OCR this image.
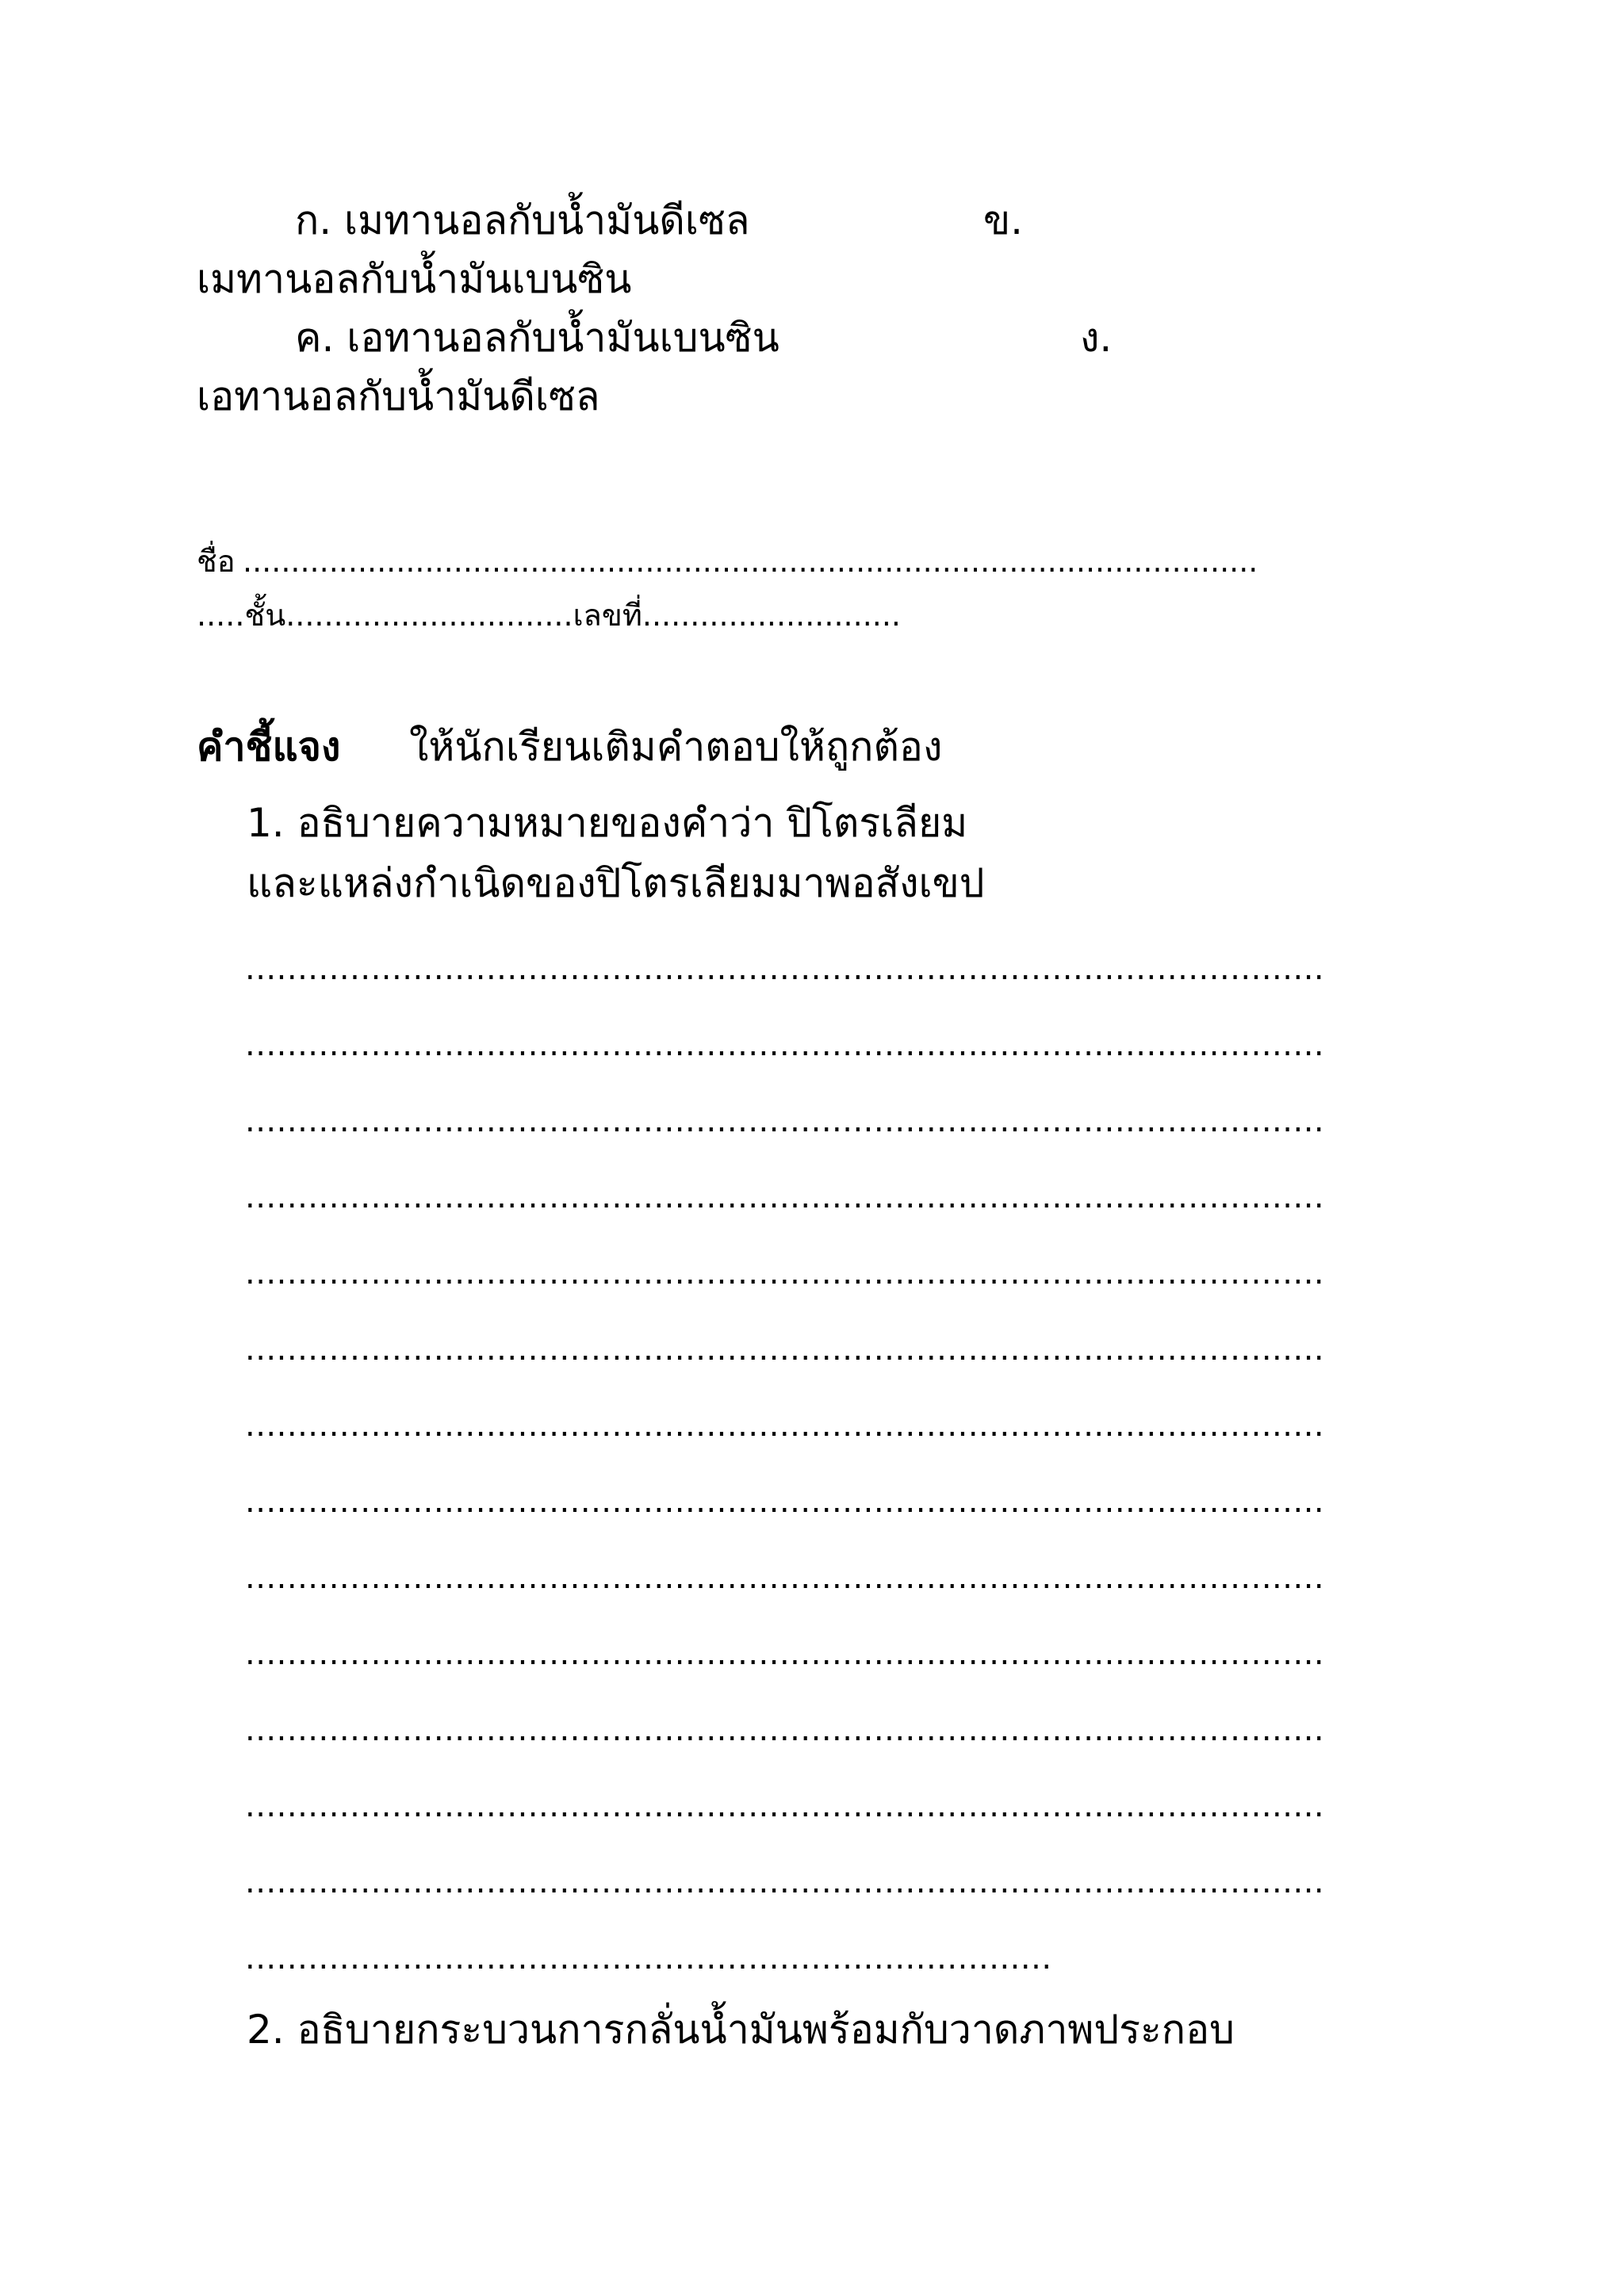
ก. เมทานอลกับน้ำมันดีเซล	ข.
เมทานอลกับน้ำมันเบนซิน
ค. เอทานอลกับน้ำมันเบนซิน	ง.
เอทานอลกับน้ำมันดีเซล
ชื่อ ..........................................................................................................
.....ชั้น..............................เลขที่...........................
คำชี้แจง ให้นักเรียนเติมคำตอบให้ถูกต้อง
1. อธิบายความหมายของคำว่า ปิโตรเลียม
และแหล่งกำเนิดของปิโตรเลียมมาพอสังเขป
.......................................................................................................
.......................................................................................................
.......................................................................................................
.......................................................................................................
.......................................................................................................
.......................................................................................................
.......................................................................................................
.......................................................................................................
.......................................................................................................
.......................................................................................................
.......................................................................................................
.......................................................................................................
.......................................................................................................
.............................................................................
2. อธิบายกระบวนการกลั่นน้ำมันพร้อมกับวาดภาพประกอบ
